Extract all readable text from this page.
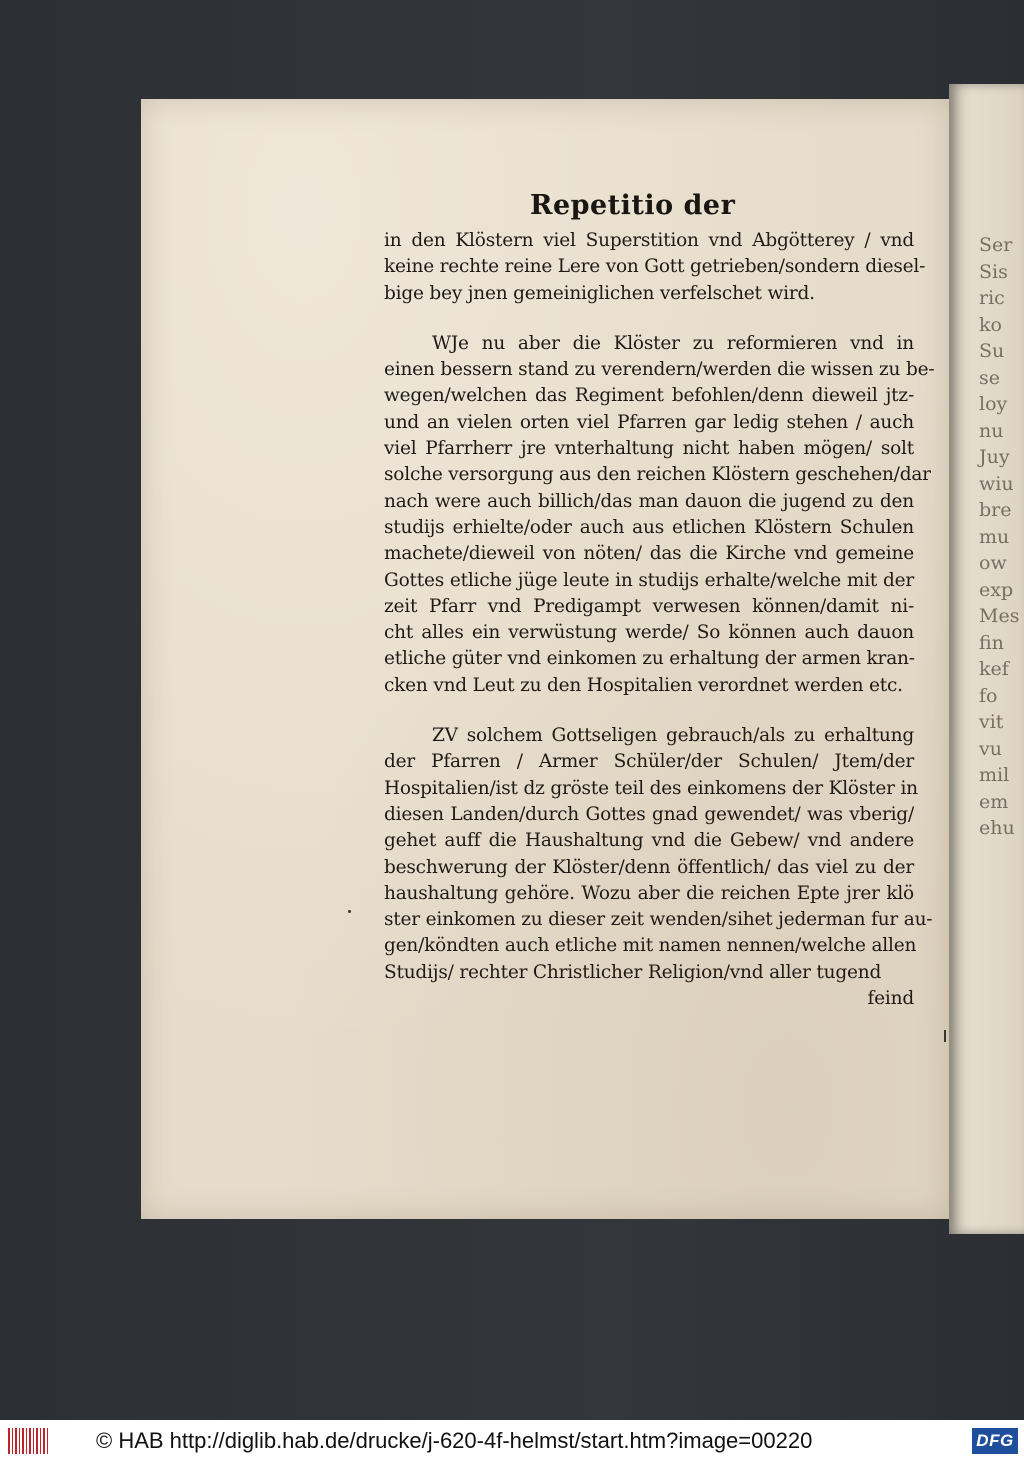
Ser
Sis
ric
ko
Su
se
loy
nu
Juy
wiu
bre
mu
ow
exp
Mes
fin
kef
fo
vit
vu
mil
em
ehu
Repetitio der
in den Klöstern viel Superstition vnd Abgötterey / vnd
keine rechte reine Lere von Gott getrieben/sondern diesel-
bige bey jnen gemeiniglichen verfelschet wird.
WJe nu aber die Klöster zu reformieren vnd in
einen bessern stand zu verendern/werden die wissen zu be-
wegen/welchen das Regiment befohlen/denn dieweil jtz-
und an vielen orten viel Pfarren gar ledig stehen / auch
viel Pfarrherr jre vnterhaltung nicht haben mögen/ solt
solche versorgung aus den reichen Klöstern geschehen/dar
nach were auch billich/das man dauon die jugend zu den
studijs erhielte/oder auch aus etlichen Klöstern Schulen
machete/dieweil von nöten/ das die Kirche vnd gemeine
Gottes etliche jüge leute in studijs erhalte/welche mit der
zeit Pfarr vnd Predigampt verwesen können/damit ni-
cht alles ein verwüstung werde/ So können auch dauon
etliche güter vnd einkomen zu erhaltung der armen kran-
cken vnd Leut zu den Hospitalien verordnet werden etc.
ZV solchem Gottseligen gebrauch/als zu erhaltung
der Pfarren / Armer Schüler/der Schulen/ Jtem/der
Hospitalien/ist dz gröste teil des einkomens der Klöster in
diesen Landen/durch Gottes gnad gewendet/ was vberig/
gehet auff die Haushaltung vnd die Gebew/ vnd andere
beschwerung der Klöster/denn öffentlich/ das viel zu der
haushaltung gehöre. Wozu aber die reichen Epte jrer klö
ster einkomen zu dieser zeit wenden/sihet jederman fur au-
gen/köndten auch etliche mit namen nennen/welche allen
Studijs/ rechter Christlicher Religion/vnd aller tugend
feind
© HAB http://diglib.hab.de/drucke/j-620-4f-helmst/start.htm?image=00220	DFG
